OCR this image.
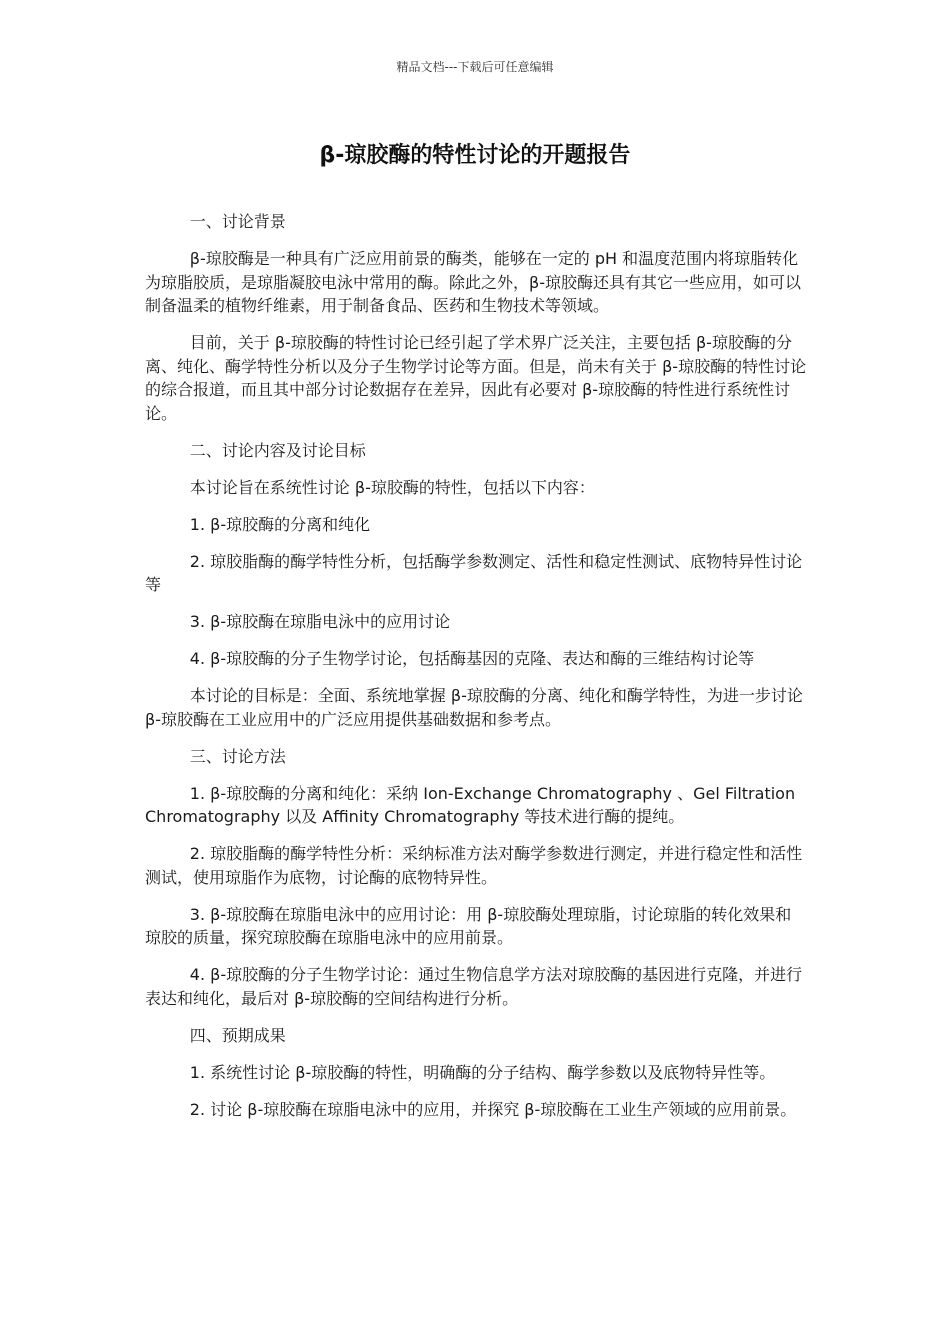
精品文档---下载后可任意编辑
β-琼胶酶的特性讨论的开题报告

一、讨论背景

β-琼胶酶是一种具有广泛应用前景的酶类，能够在一定的 pH 和温度范围内将琼脂转化为琼脂胶质，是琼脂凝胶电泳中常用的酶。除此之外，β-琼胶酶还具有其它一些应用，如可以制备温柔的植物纤维素，用于制备食品、医药和生物技术等领域。

目前，关于 β-琼胶酶的特性讨论已经引起了学术界广泛关注，主要包括 β-琼胶酶的分离、纯化、酶学特性分析以及分子生物学讨论等方面。但是，尚未有关于 β-琼胶酶的特性讨论的综合报道，而且其中部分讨论数据存在差异，因此有必要对 β-琼胶酶的特性进行系统性讨论。

二、讨论内容及讨论目标

本讨论旨在系统性讨论 β-琼胶酶的特性，包括以下内容：

1. β-琼胶酶的分离和纯化

2. 琼胶脂酶的酶学特性分析，包括酶学参数测定、活性和稳定性测试、底物特异性讨论等

3. β-琼胶酶在琼脂电泳中的应用讨论

4. β-琼胶酶的分子生物学讨论，包括酶基因的克隆、表达和酶的三维结构讨论等

本讨论的目标是：全面、系统地掌握 β-琼胶酶的分离、纯化和酶学特性，为进一步讨论 β-琼胶酶在工业应用中的广泛应用提供基础数据和参考点。

三、讨论方法

1. β-琼胶酶的分离和纯化：采纳 Ion-Exchange Chromatography 、Gel Filtration Chromatography 以及 Affinity Chromatography 等技术进行酶的提纯。

2. 琼胶脂酶的酶学特性分析：采纳标准方法对酶学参数进行测定，并进行稳定性和活性测试，使用琼脂作为底物，讨论酶的底物特异性。

3. β-琼胶酶在琼脂电泳中的应用讨论：用 β-琼胶酶处理琼脂，讨论琼脂的转化效果和琼胶的质量，探究琼胶酶在琼脂电泳中的应用前景。

4. β-琼胶酶的分子生物学讨论：通过生物信息学方法对琼胶酶的基因进行克隆，并进行表达和纯化，最后对 β-琼胶酶的空间结构进行分析。

四、预期成果

1. 系统性讨论 β-琼胶酶的特性，明确酶的分子结构、酶学参数以及底物特异性等。

2. 讨论 β-琼胶酶在琼脂电泳中的应用，并探究 β-琼胶酶在工业生产领域的应用前景。
